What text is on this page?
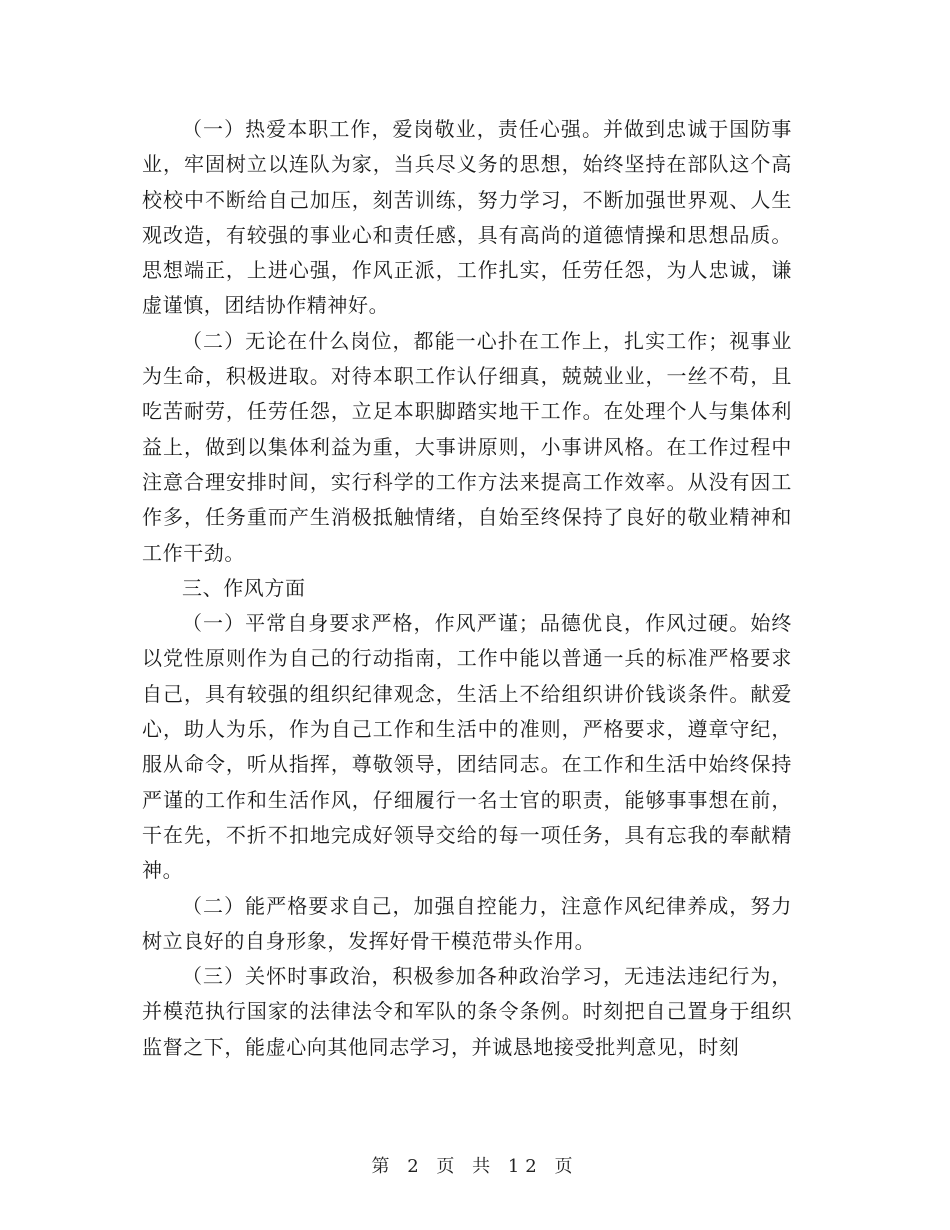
（一）热爱本职工作，爱岗敬业，责任心强。并做到忠诚于国防事业，牢固树立以连队为家，当兵尽义务的思想，始终坚持在部队这个高校校中不断给自己加压，刻苦训练，努力学习，不断加强世界观、人生观改造，有较强的事业心和责任感，具有高尚的道德情操和思想品质。思想端正，上进心强，作风正派，工作扎实，任劳任怨，为人忠诚，谦虚谨慎，团结协作精神好。

（二）无论在什么岗位，都能一心扑在工作上，扎实工作；视事业为生命，积极进取。对待本职工作认仔细真，兢兢业业，一丝不苟，且吃苦耐劳，任劳任怨，立足本职脚踏实地干工作。在处理个人与集体利益上，做到以集体利益为重，大事讲原则，小事讲风格。在工作过程中注意合理安排时间，实行科学的工作方法来提高工作效率。从没有因工作多，任务重而产生消极抵触情绪，自始至终保持了良好的敬业精神和工作干劲。

三、作风方面

（一）平常自身要求严格，作风严谨；品德优良，作风过硬。始终以党性原则作为自己的行动指南，工作中能以普通一兵的标准严格要求自己，具有较强的组织纪律观念，生活上不给组织讲价钱谈条件。献爱心，助人为乐，作为自己工作和生活中的准则，严格要求，遵章守纪，服从命令，听从指挥，尊敬领导，团结同志。在工作和生活中始终保持严谨的工作和生活作风，仔细履行一名士官的职责，能够事事想在前，干在先，不折不扣地完成好领导交给的每一项任务，具有忘我的奉献精神。

（二）能严格要求自己，加强自控能力，注意作风纪律养成，努力树立良好的自身形象，发挥好骨干模范带头作用。

（三）关怀时事政治，积极参加各种政治学习，无违法违纪行为，并模范执行国家的法律法令和军队的条令条例。时刻把自己置身于组织监督之下，能虚心向其他同志学习，并诚恳地接受批判意见，时刻

第 2 页 共 12 页
